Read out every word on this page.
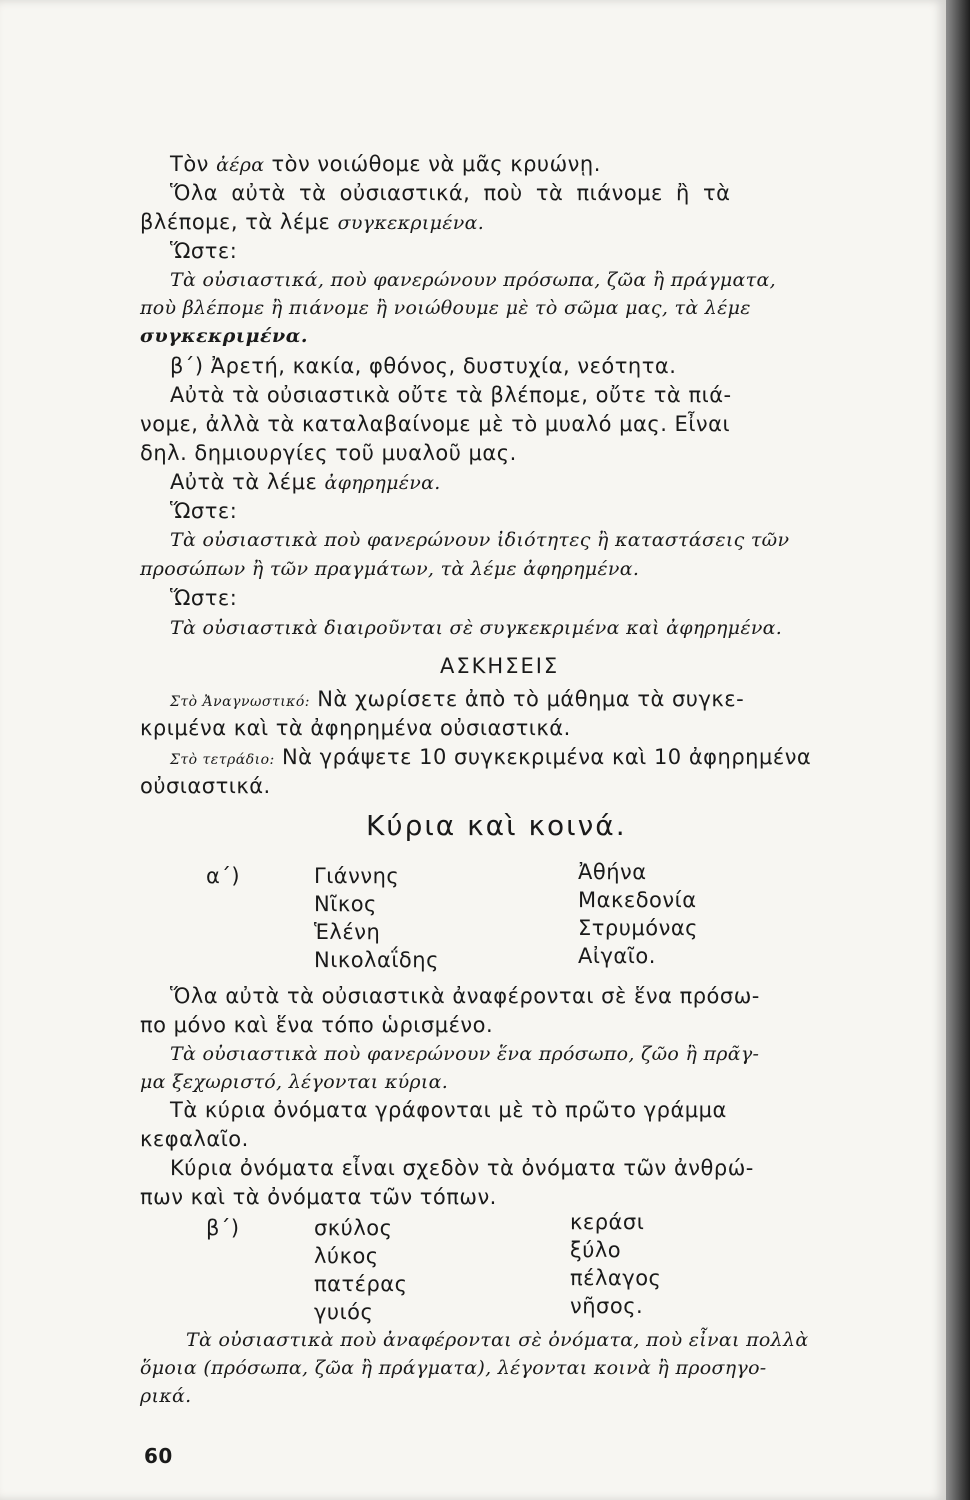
Τὸν ἀέρα τὸν νοιώθομε νὰ μᾶς κρυώνῃ.
Ὅλα αὐτὰ τὰ οὐσιαστικά, ποὺ τὰ πιάνομε ἢ τὰ
βλέπομε, τὰ λέμε συγκεκριμένα.
Ὥστε:
Τὰ οὐσιαστικά, ποὺ φανερώνουν πρόσωπα, ζῶα ἢ πράγματα,
ποὺ βλέπομε ἢ πιάνομε ἢ νοιώθουμε μὲ τὸ σῶμα μας, τὰ λέμε
συγκεκριμένα.
β΄) Ἀρετή, κακία, φθόνος, δυστυχία, νεότητα.
Αὐτὰ τὰ οὐσιαστικὰ οὔτε τὰ βλέπομε, οὔτε τὰ πιά-
νομε, ἀλλὰ τὰ καταλαβαίνομε μὲ τὸ μυαλό μας. Εἶναι
δηλ. δημιουργίες τοῦ μυαλοῦ μας.
Αὐτὰ τὰ λέμε ἀφηρημένα.
Ὥστε:
Τὰ οὐσιαστικὰ ποὺ φανερώνουν ἰδιότητες ἢ καταστάσεις τῶν
προσώπων ἢ τῶν πραγμάτων, τὰ λέμε ἀφηρημένα.
Ὥστε:
Τὰ οὐσιαστικὰ διαιροῦνται σὲ συγκεκριμένα καὶ ἀφηρημένα.
ΑΣΚΗΣΕΙΣ
Στὸ Ἀναγνωστικό: Νὰ χωρίσετε ἀπὸ τὸ μάθημα τὰ συγκε-
κριμένα καὶ τὰ ἀφηρημένα οὐσιαστικά.
Στὸ τετράδιο: Νὰ γράψετε 10 συγκεκριμένα καὶ 10 ἀφηρημένα
οὐσιαστικά.
Κύρια καὶ κοινά.
α΄)	Γιάννης
Νῖκος
Ἑλένη
Νικολαΐδης
Ἀθήνα
Μακεδονία
Στρυμόνας
Αἰγαῖο.
Ὅλα αὐτὰ τὰ οὐσιαστικὰ ἀναφέρονται σὲ ἕνα πρόσω-
πο μόνο καὶ ἕνα τόπο ὡρισμένο.
Τὰ οὐσιαστικὰ ποὺ φανερώνουν ἕνα πρόσωπο, ζῶο ἢ πρᾶγ-
μα ξεχωριστό, λέγονται κύρια.
Τὰ κύρια ὀνόματα γράφονται μὲ τὸ πρῶτο γράμμα
κεφαλαῖο.
Κύρια ὀνόματα εἶναι σχεδὸν τὰ ὀνόματα τῶν ἀνθρώ-
πων καὶ τὰ ὀνόματα τῶν τόπων.
β΄)	σκύλος
λύκος
πατέρας
γυιός
κεράσι
ξύλο
πέλαγος
νῆσος.
Τὰ οὐσιαστικὰ ποὺ ἀναφέρονται σὲ ὀνόματα, ποὺ εἶναι πολλὰ
ὅμοια (πρόσωπα, ζῶα ἢ πράγματα), λέγονται κοινὰ ἢ προσηγο-
ρικά.
60
